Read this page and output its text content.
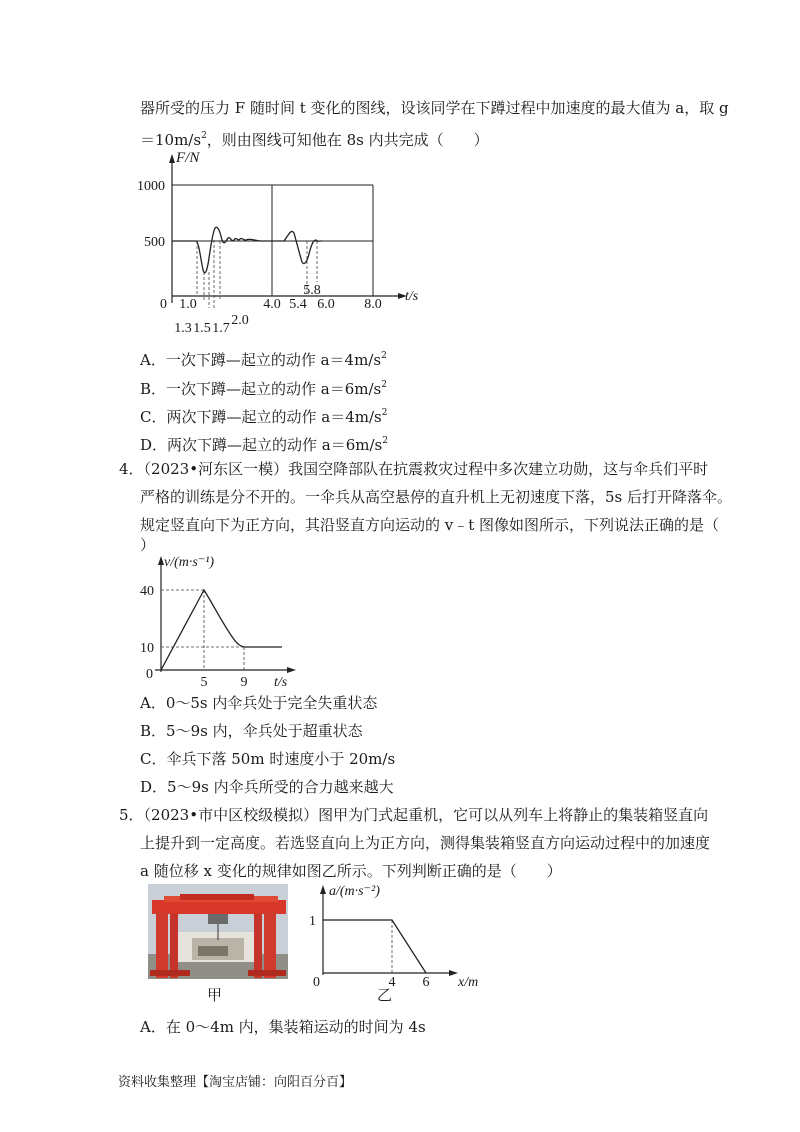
器所受的压力 F 随时间 t 变化的图线，设该同学在下蹲过程中加速度的最大值为 a，取 g
$=10m/s^2$，则由图线可知他在 8s 内共完成（　　）
F/N
1000
500
0
t/s
1.0	4.0 5.4 6.0 8.0
5.8
1.3 1.5 1.7
2.0
A．一次下蹲—起立的动作 $a=4m/s^2$
B．一次下蹲—起立的动作 $a=6m/s^2$
C．两次下蹲—起立的动作 $a=4m/s^2$
D．两次下蹲—起立的动作 $a=6m/s^2$
4．（2023•河东区一模）我国空降部队在抗震救灾过程中多次建立功勋，这与伞兵们平时
严格的训练是分不开的。一伞兵从高空悬停的直升机上无初速度下落，5s 后打开降落伞。
规定竖直向下为正方向，其沿竖直方向运动的 v﹣t 图像如图所示，下列说法正确的是（
）
v/(m·s⁻¹)
40
10
0
5 9 t/s
A．0～5s 内伞兵处于完全失重状态
B．5～9s 内，伞兵处于超重状态
C．伞兵下落 50m 时速度小于 20m/s
D．5～9s 内伞兵所受的合力越来越大
5．（2023•市中区校级模拟）图甲为门式起重机，它可以从列车上将静止的集装箱竖直向
上提升到一定高度。若选竖直向上为正方向，测得集装箱竖直方向运动过程中的加速度
a 随位移 x 变化的规律如图乙所示。下列判断正确的是（　　）
甲
a/(m·s⁻²)
1
0	4 6 x/m
乙
A．在 0～4m 内，集装箱运动的时间为 4s
资料收集整理【淘宝店铺：向阳百分百】
